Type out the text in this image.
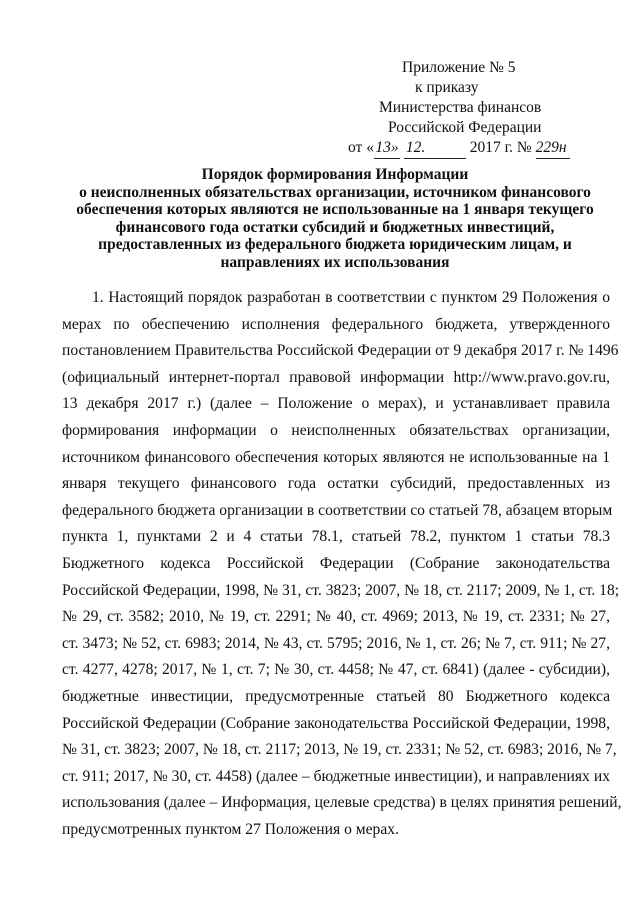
Приложение № 5
к приказу
Министерства финансов
Российской Федерации
от «13» 12.	2017 г. № 229н
Порядок формирования Информации
о неисполненных обязательствах организации, источником финансового
обеспечения которых являются не использованные на 1 января текущего
финансового года остатки субсидий и бюджетных инвестиций,
предоставленных из федерального бюджета юридическим лицам, и
направлениях их использования
1. Настоящий порядок разработан в соответствии с пунктом 29 Положения о
мерах по обеспечению исполнения федерального бюджета, утвержденного
постановлением Правительства Российской Федерации от 9 декабря 2017 г. № 1496
(официальный интернет-портал правовой информации http://www.pravo.gov.ru,
13 декабря 2017 г.) (далее – Положение о мерах), и устанавливает правила
формирования информации о неисполненных обязательствах организации,
источником финансового обеспечения которых являются не использованные на 1
января текущего финансового года остатки субсидий, предоставленных из
федерального бюджета организации в соответствии со статьей 78, абзацем вторым
пункта 1, пунктами 2 и 4 статьи 78.1, статьей 78.2, пунктом 1 статьи 78.3
Бюджетного кодекса Российской Федерации (Собрание законодательства
Российской Федерации, 1998, № 31, ст. 3823; 2007, № 18, ст. 2117; 2009, № 1, ст. 18;
№ 29, ст. 3582; 2010, № 19, ст. 2291; № 40, ст. 4969; 2013, № 19, ст. 2331; № 27,
ст. 3473; № 52, ст. 6983; 2014, № 43, ст. 5795; 2016, № 1, ст. 26; № 7, ст. 911; № 27,
ст. 4277, 4278; 2017, № 1, ст. 7; № 30, ст. 4458; № 47, ст. 6841) (далее - субсидии),
бюджетные инвестиции, предусмотренные статьей 80 Бюджетного кодекса
Российской Федерации (Собрание законодательства Российской Федерации, 1998,
№ 31, ст. 3823; 2007, № 18, ст. 2117; 2013, № 19, ст. 2331; № 52, ст. 6983; 2016, № 7,
ст. 911; 2017, № 30, ст. 4458) (далее – бюджетные инвестиции), и направлениях их
использования (далее – Информация, целевые средства) в целях принятия решений,
предусмотренных пунктом 27 Положения о мерах.
